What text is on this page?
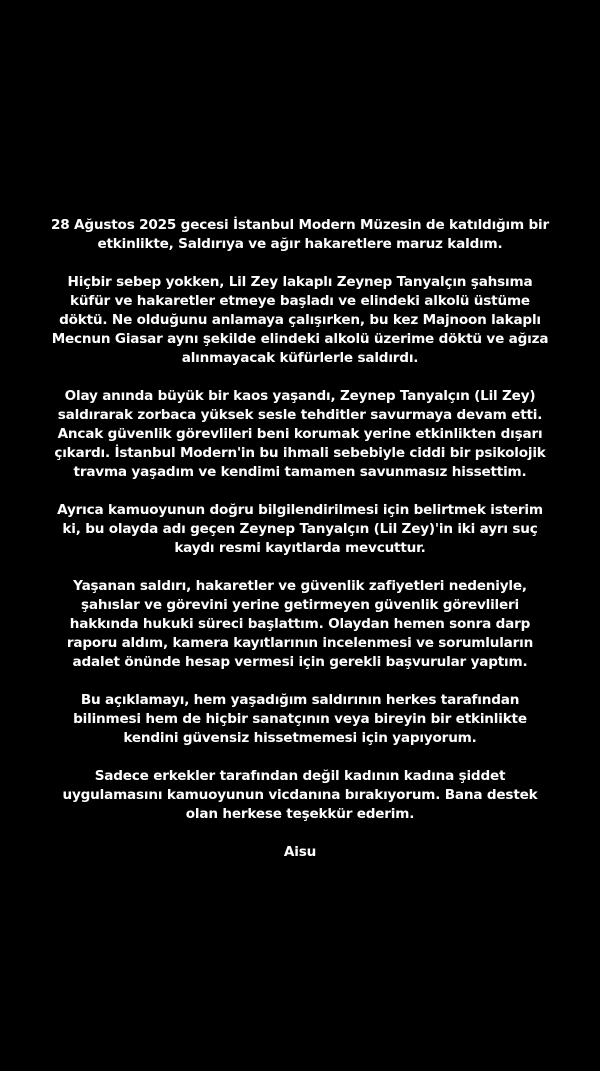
28 Ağustos 2025 gecesi İstanbul Modern Müzesin de katıldığım bir
etkinlikte, Saldırıya ve ağır hakaretlere maruz kaldım.

Hiçbir sebep yokken, Lil Zey lakaplı Zeynep Tanyalçın şahsıma
küfür ve hakaretler etmeye başladı ve elindeki alkolü üstüme
döktü. Ne olduğunu anlamaya çalışırken, bu kez Majnoon lakaplı
Mecnun Giasar aynı şekilde elindeki alkolü üzerime döktü ve ağıza
alınmayacak küfürlerle saldırdı.

Olay anında büyük bir kaos yaşandı, Zeynep Tanyalçın (Lil Zey)
saldırarak zorbaca yüksek sesle tehditler savurmaya devam etti.
Ancak güvenlik görevlileri beni korumak yerine etkinlikten dışarı
çıkardı. İstanbul Modern'in bu ihmali sebebiyle ciddi bir psikolojik
travma yaşadım ve kendimi tamamen savunmasız hissettim.

Ayrıca kamuoyunun doğru bilgilendirilmesi için belirtmek isterim
ki, bu olayda adı geçen Zeynep Tanyalçın (Lil Zey)'in iki ayrı suç
kaydı resmi kayıtlarda mevcuttur.

Yaşanan saldırı, hakaretler ve güvenlik zafiyetleri nedeniyle,
şahıslar ve görevini yerine getirmeyen güvenlik görevlileri
hakkında hukuki süreci başlattım. Olaydan hemen sonra darp
raporu aldım, kamera kayıtlarının incelenmesi ve sorumluların
adalet önünde hesap vermesi için gerekli başvurular yaptım.

Bu açıklamayı, hem yaşadığım saldırının herkes tarafından
bilinmesi hem de hiçbir sanatçının veya bireyin bir etkinlikte
kendini güvensiz hissetmemesi için yapıyorum.

Sadece erkekler tarafından değil kadının kadına şiddet
uygulamasını kamuoyunun vicdanına bırakıyorum. Bana destek
olan herkese teşekkür ederim.

Aisu
